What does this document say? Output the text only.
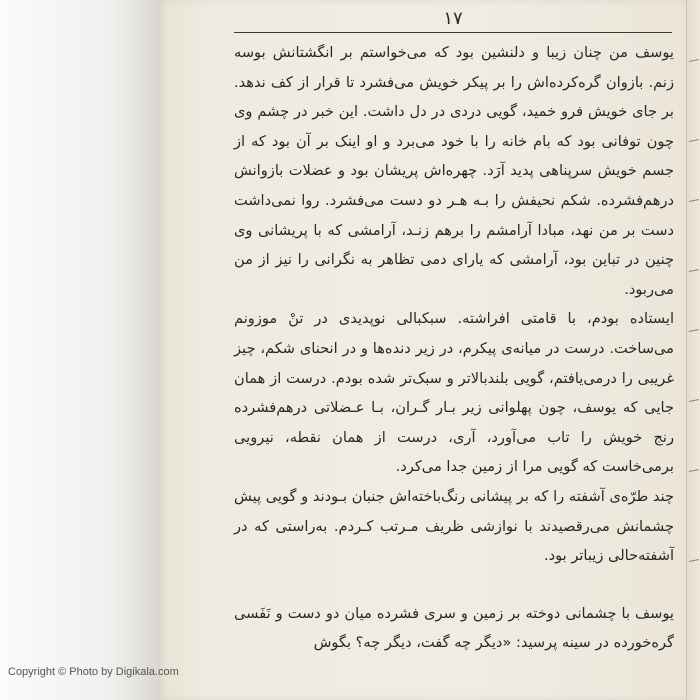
۱۷

یوسف من چنان زیبا و دلنشین بود که می‌خواستم بر انگشتانش بوسه زنم. بازوان گره‌کرده‌اش را بر پیکر خویش می‌فشرد تا قرار از کف ندهد. بر جای خویش فرو خمید، گویی دردی در دل داشت. این خبر در چشم وی چون توفانی بود که بام خانه را با خود می‌برد و او اینک بر آن بود که از جسم خویش سرپناهی پدید آرَد. چهره‌اش پریشان بود و عضلات بازوانش درهم‌فشرده. شکم نحیفش را بـه هـر دو دست می‌فشرد. روا نمی‌داشت دست بر من نهد، مبادا آرامشم را برهم زنـد، آرامشی که با پریشانی وی چنین در تباین بود، آرامشی که یارای دمی تظاهر به نگرانی را نیز از من می‌ربود.

ایستاده بودم، با قامتی افراشته. سبکبالی نوپدیدی در تنْ موزونم می‌ساخت. درست در میانه‌ی پیکرم، در زیر دنده‌ها و در انحنای شکم، چیز غریبی را درمی‌یافتم، گویی بلندبالاتر و سبک‌تر شده بودم. درست از همان جایی که یوسف، چون پهلوانی زیر بـار گـران، بـا عـضلاتی درهم‌فشرده رنج خویش را تاب می‌آورد، آری، درست از همان نقطه، نیرویی برمی‌خاست که گویی مرا از زمین جدا می‌کرد.

چند طرّه‌ی آشفته را که بر پیشانی رنگ‌باخته‌اش جنبان بـودند و گویی پیش چشمانش می‌رقصیدند با نوازشی ظریف مـرتب کـردم. به‌راستی که در آشفته‌حالی زیباتر بود.

یوسف با چشمانی دوخته بر زمین و سری فشرده میان دو دست و نَفَسی گره‌خورده در سینه پرسید: «دیگر چه گفت، دیگر چه؟ بگوش

Copyright © Photo by Digikala.com
